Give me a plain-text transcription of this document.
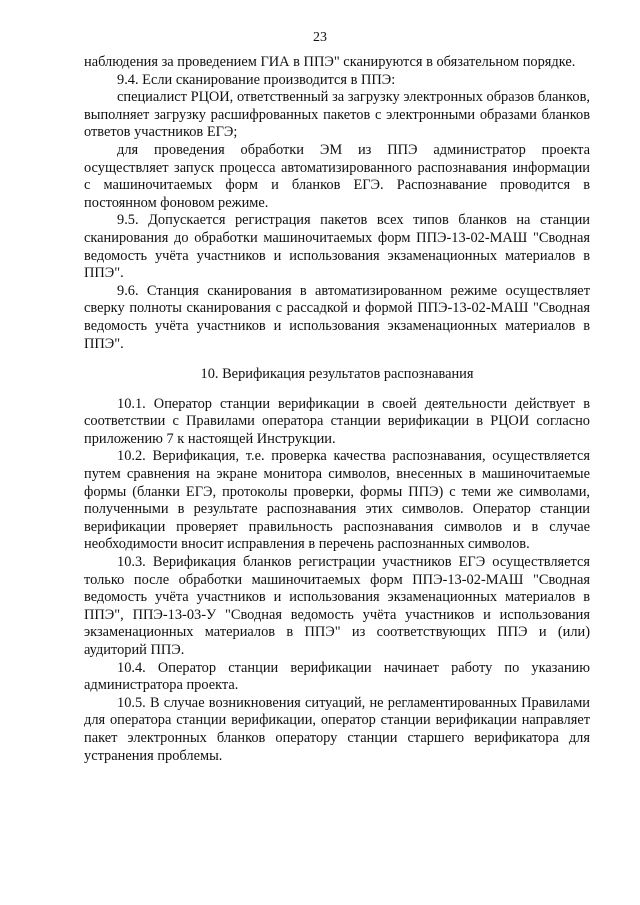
23

наблюдения за проведением ГИА в ППЭ" сканируются в обязательном порядке.

9.4. Если сканирование производится в ППЭ:

специалист РЦОИ, ответственный за загрузку электронных образов бланков, выполняет загрузку расшифрованных пакетов с электронными образами бланков ответов участников ЕГЭ;

для проведения обработки ЭМ из ППЭ администратор проекта осуществляет запуск процесса автоматизированного распознавания информации с машиночитаемых форм и бланков ЕГЭ. Распознавание проводится в постоянном фоновом режиме.

9.5. Допускается регистрация пакетов всех типов бланков на станции сканирования до обработки машиночитаемых форм ППЭ-13-02-МАШ "Сводная ведомость учёта участников и использования экзаменационных материалов в ППЭ".

9.6. Станция сканирования в автоматизированном режиме осуществляет сверку полноты сканирования с рассадкой и формой ППЭ-13-02-МАШ "Сводная ведомость учёта участников и использования экзаменационных материалов в ППЭ".

10. Верификация результатов распознавания

10.1. Оператор станции верификации в своей деятельности действует в соответствии с Правилами оператора станции верификации в РЦОИ согласно приложению 7 к настоящей Инструкции.

10.2. Верификация, т.е. проверка качества распознавания, осуществляется путем сравнения на экране монитора символов, внесенных в машиночитаемые формы (бланки ЕГЭ, протоколы проверки, формы ППЭ) с теми же символами, полученными в результате распознавания этих символов. Оператор станции верификации проверяет правильность распознавания символов и в случае необходимости вносит исправления в перечень распознанных символов.

10.3. Верификация бланков регистрации участников ЕГЭ осуществляется только после обработки машиночитаемых форм ППЭ-13-02-МАШ "Сводная ведомость учёта участников и использования экзаменационных материалов в ППЭ", ППЭ-13-03-У "Сводная ведомость учёта участников и использования экзаменационных материалов в ППЭ" из соответствующих ППЭ и (или) аудиторий ППЭ.

10.4. Оператор станции верификации начинает работу по указанию администратора проекта.

10.5. В случае возникновения ситуаций, не регламентированных Правилами для оператора станции верификации, оператор станции верификации направляет пакет электронных бланков оператору станции старшего верификатора для устранения проблемы.
